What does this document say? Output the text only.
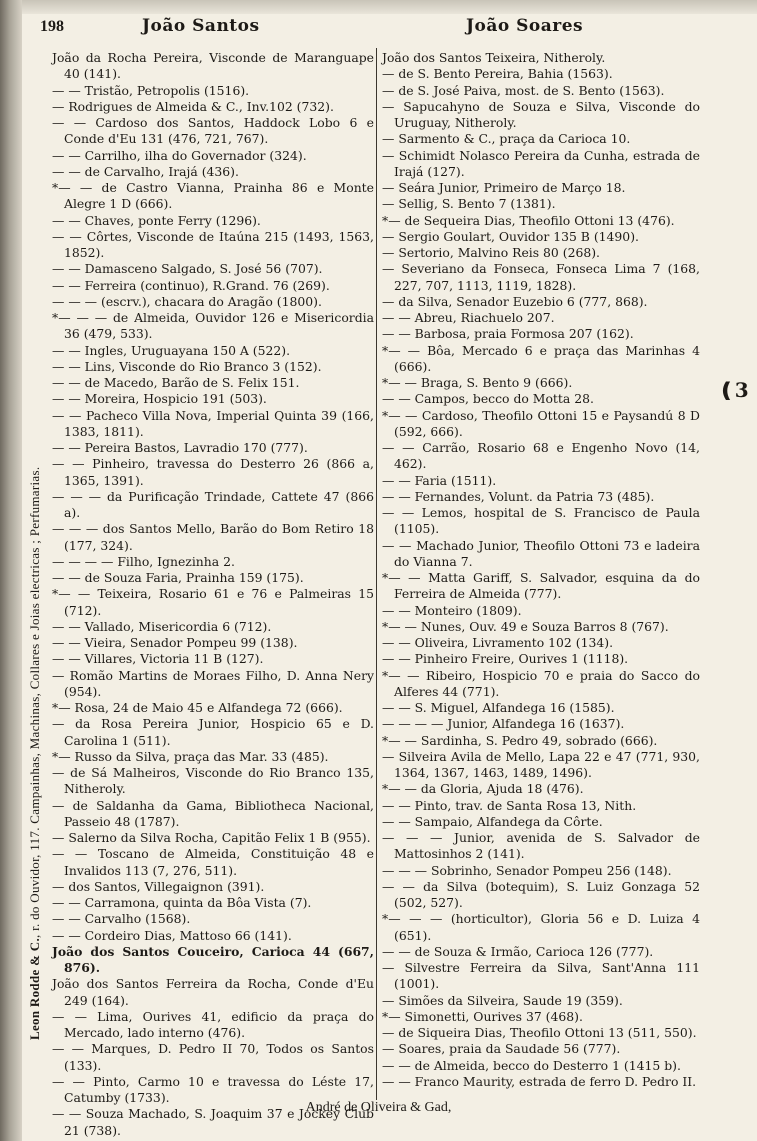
198	João Santos	João Soares
Leon Rodde & C., r. do Ouvidor, 117. Campainhas, Machinas, Collares e Joias electricas ; Perfumarias.

João da Rocha Pereira, Visconde de Maranguape 40 (141).

— — Tristão, Petropolis (1516).

— Rodrigues de Almeida & C., Inv.102 (732).

— — Cardoso dos Santos, Haddock Lobo 6 e Conde d'Eu 131 (476, 721, 767).

— — Carrilho, ilha do Governador (324).

— — de Carvalho, Irajá (436).

*— — de Castro Vianna, Prainha 86 e Monte Alegre 1 D (666).

— — Chaves, ponte Ferry (1296).

— — Côrtes, Visconde de Itaúna 215 (1493, 1563, 1852).

— — Damasceno Salgado, S. José 56 (707).

— — Ferreira (continuo), R.Grand. 76 (269).

— — — (escrv.), chacara do Aragão (1800).

*— — — de Almeida, Ouvidor 126 e Misericordia 36 (479, 533).

— — Ingles, Uruguayana 150 A (522).

— — Lins, Visconde do Rio Branco 3 (152).

— — de Macedo, Barão de S. Felix 151.

— — Moreira, Hospicio 191 (503).

— — Pacheco Villa Nova, Imperial Quinta 39 (166, 1383, 1811).

— — Pereira Bastos, Lavradio 170 (777).

— — Pinheiro, travessa do Desterro 26 (866 a, 1365, 1391).

— — — da Purificação Trindade, Cattete 47 (866 a).

— — — dos Santos Mello, Barão do Bom Retiro 18 (177, 324).

— — — — Filho, Ignezinha 2.

— — de Souza Faria, Prainha 159 (175).

*— — Teixeira, Rosario 61 e 76 e Palmeiras 15 (712).

— — Vallado, Misericordia 6 (712).

— — Vieira, Senador Pompeu 99 (138).

— — Villares, Victoria 11 B (127).

— Romão Martins de Moraes Filho, D. Anna Nery (954).

*— Rosa, 24 de Maio 45 e Alfandega 72 (666).

— da Rosa Pereira Junior, Hospicio 65 e D. Carolina 1 (511).

*— Russo da Silva, praça das Mar. 33 (485).

— de Sá Malheiros, Visconde do Rio Branco 135, Nitheroly.

— de Saldanha da Gama, Bibliotheca Nacional, Passeio 48 (1787).

— Salerno da Silva Rocha, Capitão Felix 1 B (955).

— — Toscano de Almeida, Constituição 48 e Invalidos 113 (7, 276, 511).

— dos Santos, Villegaignon (391).

— — Carramona, quinta da Bôa Vista (7).

— — Carvalho (1568).

— — Cordeiro Dias, Mattoso 66 (141).

João dos Santos Couceiro, Carioca 44 (667, 876).

João dos Santos Ferreira da Rocha, Conde d'Eu 249 (164).

— — Lima, Ourives 41, edificio da praça do Mercado, lado interno (476).

— — Marques, D. Pedro II 70, Todos os Santos (133).

— — Pinto, Carmo 10 e travessa do Léste 17, Catumby (1733).

— — Souza Machado, S. Joaquim 37 e Jockey Club 21 (738).

João dos Santos Teixeira, Nitheroly.

— de S. Bento Pereira, Bahia (1563).

— de S. José Paiva, most. de S. Bento (1563).

— Sapucahyno de Souza e Silva, Visconde do Uruguay, Nitheroly.

— Sarmento & C., praça da Carioca 10.

— Schimidt Nolasco Pereira da Cunha, estrada de Irajá (127).

— Seára Junior, Primeiro de Março 18.

— Sellig, S. Bento 7 (1381).

*— de Sequeira Dias, Theofilo Ottoni 13 (476).

— Sergio Goulart, Ouvidor 135 B (1490).

— Sertorio, Malvino Reis 80 (268).

— Severiano da Fonseca, Fonseca Lima 7 (168, 227, 707, 1113, 1119, 1828).

— da Silva, Senador Euzebio 6 (777, 868).

— — Abreu, Riachuelo 207.

— — Barbosa, praia Formosa 207 (162).

*— — Bôa, Mercado 6 e praça das Marinhas 4 (666).

*— — Braga, S. Bento 9 (666).

— — Campos, becco do Motta 28.

*— — Cardoso, Theofilo Ottoni 15 e Paysandú 8 D (592, 666).

— — Carrão, Rosario 68 e Engenho Novo (14, 462).

— — Faria (1511).

— — Fernandes, Volunt. da Patria 73 (485).

— — Lemos, hospital de S. Francisco de Paula (1105).

— — Machado Junior, Theofilo Ottoni 73 e ladeira do Vianna 7.

*— — Matta Gariff, S. Salvador, esquina da do Ferreira de Almeida (777).

— — Monteiro (1809).

*— — Nunes, Ouv. 49 e Souza Barros 8 (767).

— — Oliveira, Livramento 102 (134).

— — Pinheiro Freire, Ourives 1 (1118).

*— — Ribeiro, Hospicio 70 e praia do Sacco do Alferes 44 (771).

— — S. Miguel, Alfandega 16 (1585).

— — — — Junior, Alfandega 16 (1637).

*— — Sardinha, S. Pedro 49, sobrado (666).

— Silveira Avila de Mello, Lapa 22 e 47 (771, 930, 1364, 1367, 1463, 1489, 1496).

*— — da Gloria, Ajuda 18 (476).

— — Pinto, trav. de Santa Rosa 13, Nith.

— — Sampaio, Alfandega da Côrte.

— — — Junior, avenida de S. Salvador de Mattosinhos 2 (141).

— — — Sobrinho, Senador Pompeu 256 (148).

— — da Silva (botequim), S. Luiz Gonzaga 52 (502, 527).

*— — — (horticultor), Gloria 56 e D. Luiza 4 (651).

— — de Souza & Irmão, Carioca 126 (777).

— Silvestre Ferreira da Silva, Sant'Anna 111 (1001).

— Simões da Silveira, Saude 19 (359).

*— Simonetti, Ourives 37 (468).

— de Siqueira Dias, Theofilo Ottoni 13 (511, 550).

— Soares, praia da Saudade 56 (777).

— — de Almeida, becco do Desterro 1 (1415 b).

— — Franco Maurity, estrada de ferro D. Pedro II.

❪3
André de Oliveira & Gad,
